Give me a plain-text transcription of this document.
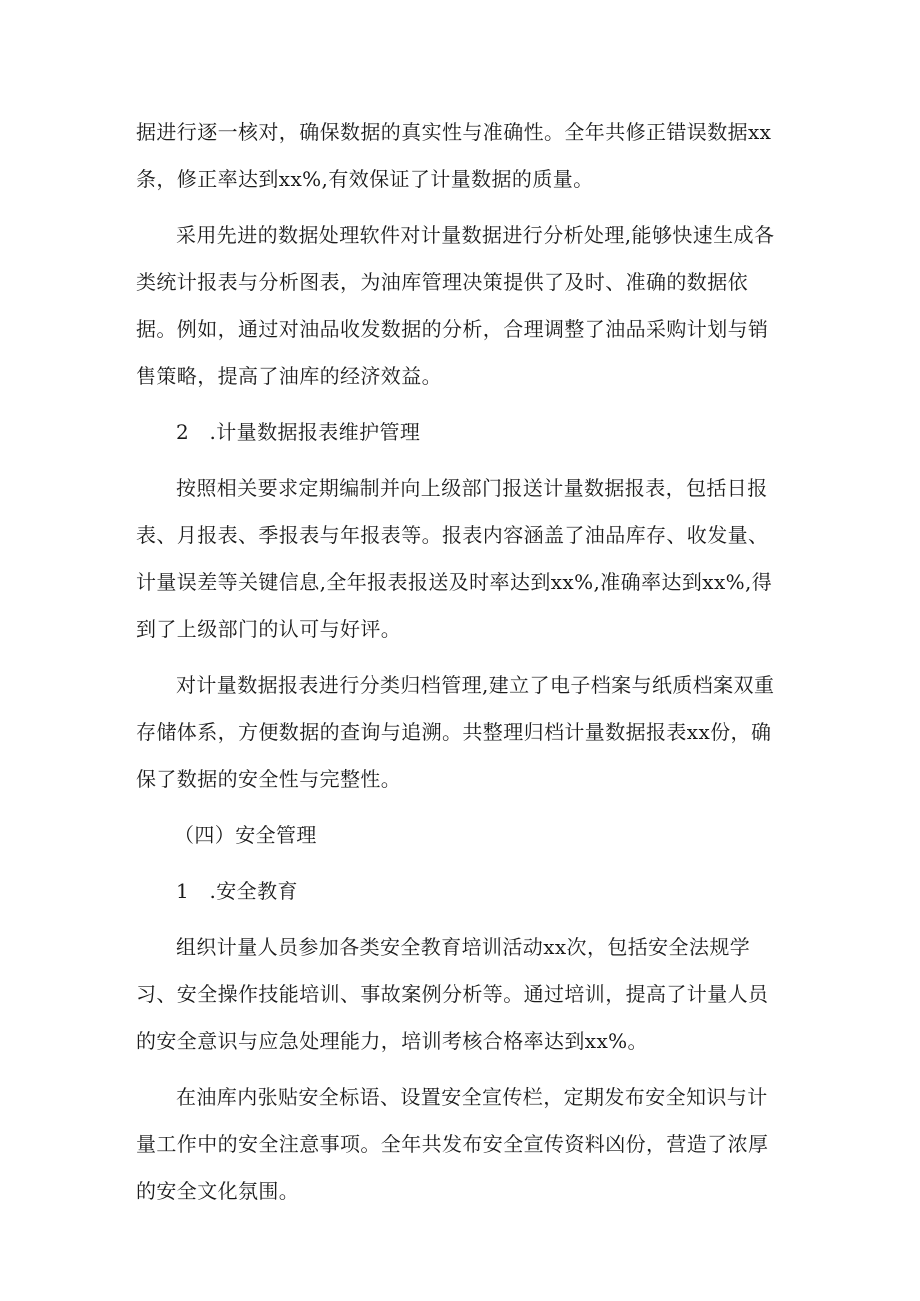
据进行逐一核对，确保数据的真实性与准确性。全年共修正错误数据xx条，修正率达到xx%,有效保证了计量数据的质量。

采用先进的数据处理软件对计量数据进行分析处理,能够快速生成各类统计报表与分析图表，为油库管理决策提供了及时、准确的数据依据。例如，通过对油品收发数据的分析，合理调整了油品采购计划与销售策略，提高了油库的经济效益。

2　.计量数据报表维护管理

按照相关要求定期编制并向上级部门报送计量数据报表，包括日报表、月报表、季报表与年报表等。报表内容涵盖了油品库存、收发量、计量误差等关键信息,全年报表报送及时率达到xx%,准确率达到xx%,得到了上级部门的认可与好评。

对计量数据报表进行分类归档管理,建立了电子档案与纸质档案双重存储体系，方便数据的查询与追溯。共整理归档计量数据报表xx份，确保了数据的安全性与完整性。

（四）安全管理

1　.安全教育

组织计量人员参加各类安全教育培训活动xx次，包括安全法规学习、安全操作技能培训、事故案例分析等。通过培训，提高了计量人员的安全意识与应急处理能力，培训考核合格率达到xx%。

在油库内张贴安全标语、设置安全宣传栏，定期发布安全知识与计量工作中的安全注意事项。全年共发布安全宣传资料凶份，营造了浓厚的安全文化氛围。
